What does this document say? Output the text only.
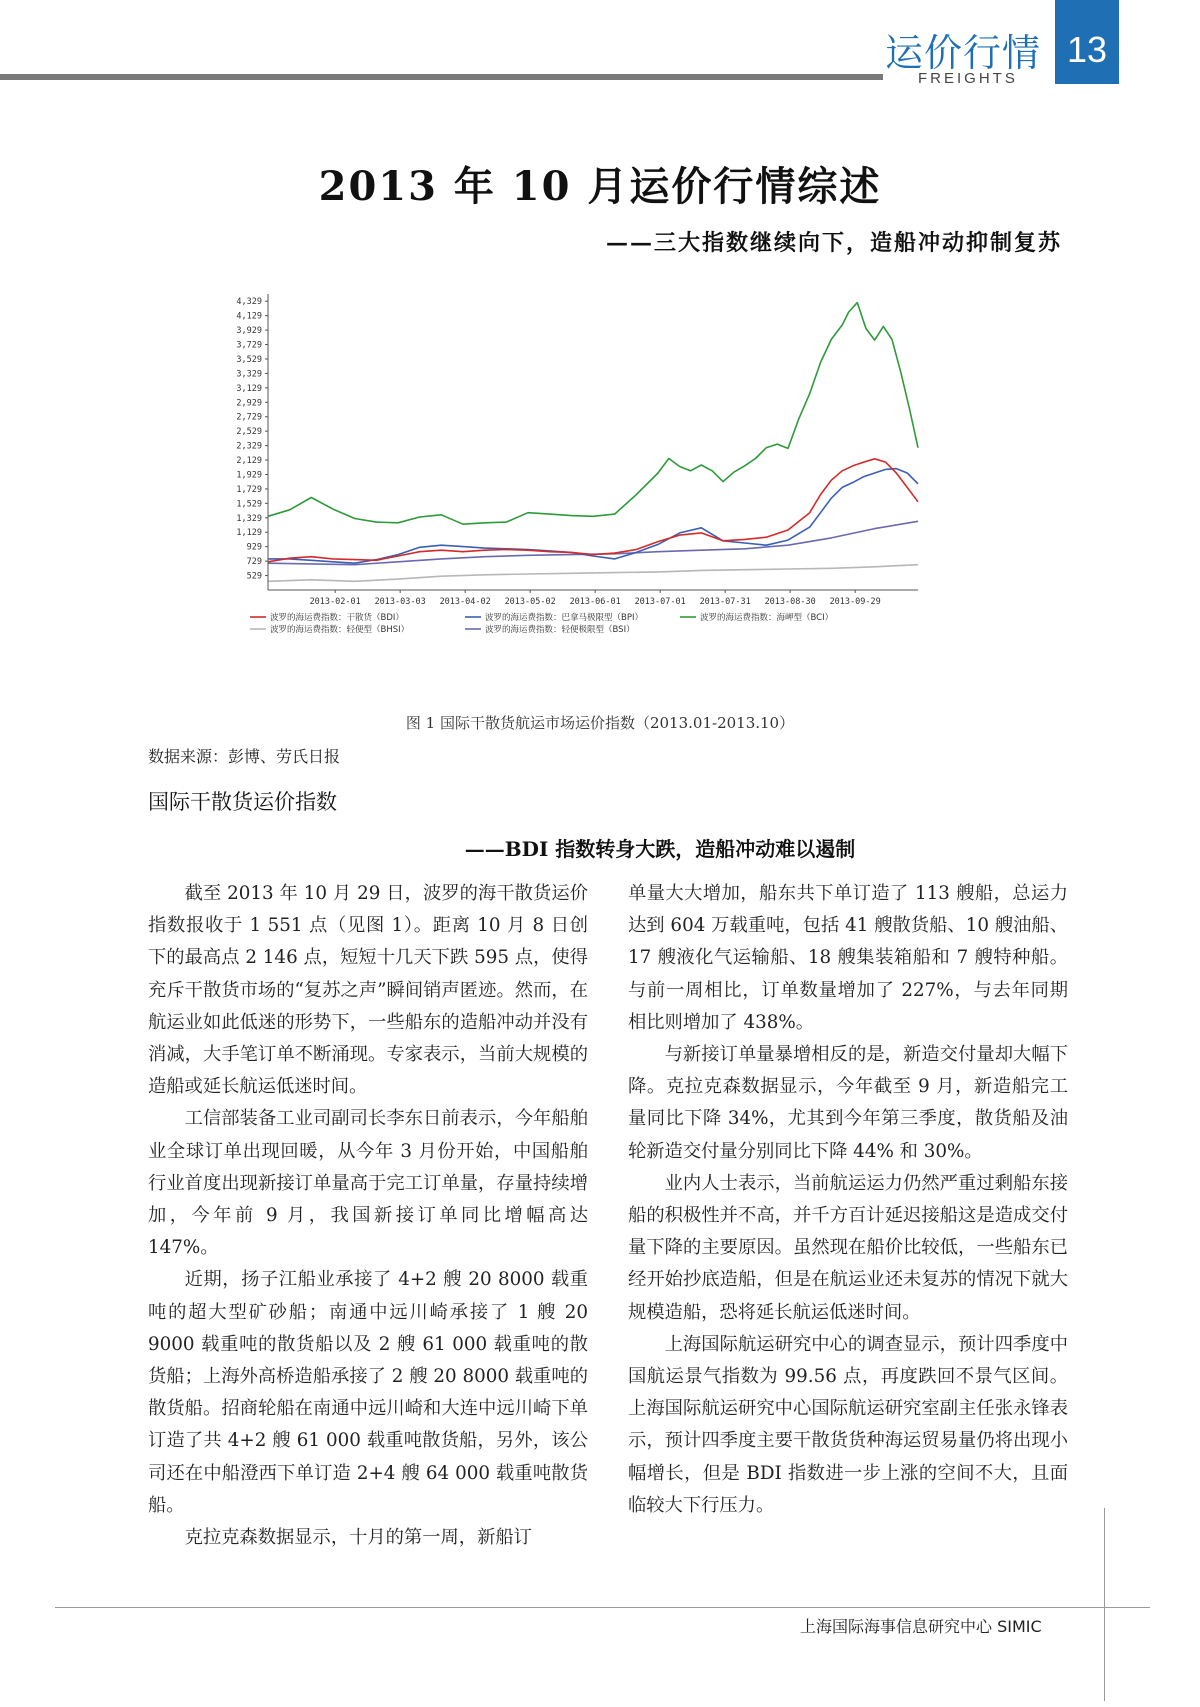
运价行情
FREIGHTS
13
2013 年 10 月运价行情综述
——三大指数继续向下，造船冲动抑制复苏
4,329
4,129
3,929
3,729
3,529
3,329
3,129
2,929
2,729
2,529
2,329
2,129
1,929
1,729
1,529
1,329
1,129
929
729
529
2013-02-01 2013-03-03 2013-04-02 2013-05-02 2013-06-01 2013-07-01 2013-07-31 2013-08-30 2013-09-29
波罗的海运费指数：干散货（BDI）	波罗的海运费指数：巴拿马极限型（BPI）	波罗的海运费指数：海岬型（BCI）
波罗的海运费指数：轻便型（BHSI）	波罗的海运费指数：轻便极限型（BSI）
图 1 国际干散货航运市场运价指数（2013.01-2013.10）
数据来源：彭博、劳氏日报
国际干散货运价指数
——BDI 指数转身大跌，造船冲动难以遏制

截至 2013 年 10 月 29 日，波罗的海干散货运价指数报收于 1 551 点（见图 1）。距离 10 月 8 日创下的最高点 2 146 点，短短十几天下跌 595 点，使得充斥干散货市场的“复苏之声”瞬间销声匿迹。然而，在航运业如此低迷的形势下，一些船东的造船冲动并没有消减，大手笔订单不断涌现。专家表示，当前大规模的造船或延长航运低迷时间。

工信部装备工业司副司长李东日前表示，今年船舶业全球订单出现回暖，从今年 3 月份开始，中国船舶行业首度出现新接订单量高于完工订单量，存量持续增加，今年前 9 月，我国新接订单同比增幅高达 147%。

近期，扬子江船业承接了 4+2 艘 20 8000 载重吨的超大型矿砂船；南通中远川崎承接了 1 艘 20 9000 载重吨的散货船以及 2 艘 61 000 载重吨的散货船；上海外高桥造船承接了 2 艘 20 8000 载重吨的散货船。招商轮船在南通中远川崎和大连中远川崎下单订造了共 4+2 艘 61 000 载重吨散货船，另外，该公司还在中船澄西下单订造 2+4 艘 64 000 载重吨散货船。

克拉克森数据显示，十月的第一周，新船订

单量大大增加，船东共下单订造了 113 艘船，总运力达到 604 万载重吨，包括 41 艘散货船、10 艘油船、17 艘液化气运输船、18 艘集装箱船和 7 艘特种船。与前一周相比，订单数量增加了 227%，与去年同期相比则增加了 438%。

与新接订单量暴增相反的是，新造交付量却大幅下降。克拉克森数据显示，今年截至 9 月，新造船完工量同比下降 34%，尤其到今年第三季度，散货船及油轮新造交付量分别同比下降 44% 和 30%。

业内人士表示，当前航运运力仍然严重过剩船东接船的积极性并不高，并千方百计延迟接船这是造成交付量下降的主要原因。虽然现在船价比较低，一些船东已经开始抄底造船，但是在航运业还未复苏的情况下就大规模造船，恐将延长航运低迷时间。

上海国际航运研究中心的调查显示，预计四季度中国航运景气指数为 99.56 点，再度跌回不景气区间。上海国际航运研究中心国际航运研究室副主任张永锋表示，预计四季度主要干散货货种海运贸易量仍将出现小幅增长，但是 BDI 指数进一步上涨的空间不大，且面临较大下行压力。

上海国际海事信息研究中心 SIMIC
